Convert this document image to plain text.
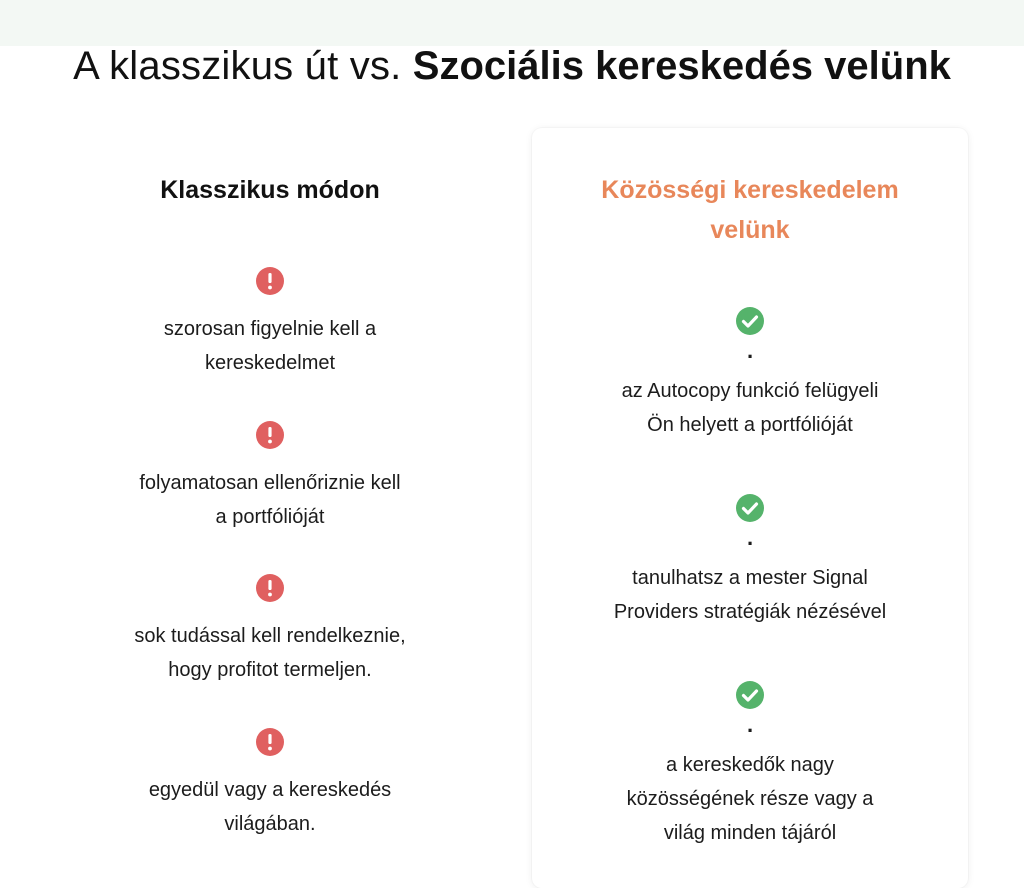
A klasszikus út vs. Szociális kereskedés velünk
Klasszikus módon
szorosan figyelnie kell a
kereskedelmet
folyamatosan ellenőriznie kell
a portfólióját
sok tudással kell rendelkeznie,
hogy profitot termeljen.
egyedül vagy a kereskedés
világában.
Közösségi kereskedelem
velünk
.
az Autocopy funkció felügyeli
Ön helyett a portfólióját
.
tanulhatsz a mester Signal
Providers stratégiák nézésével
.
a kereskedők nagy
közösségének része vagy a
világ minden tájáról
